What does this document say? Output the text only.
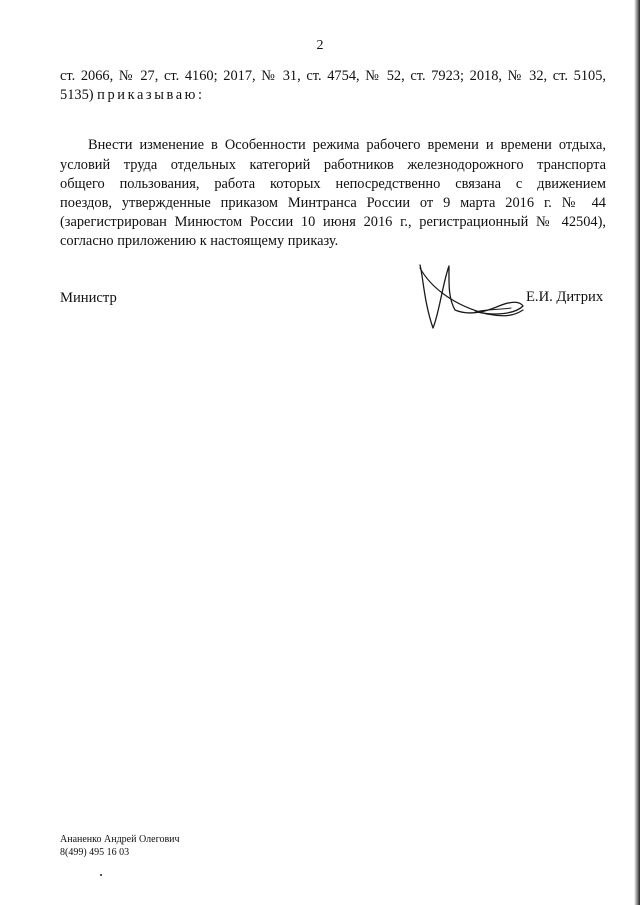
2
ст. 2066, № 27, ст. 4160; 2017, № 31, ст. 4754, № 52, ст. 7923; 2018, № 32, ст. 5105,
5135) приказываю:
Внести изменение в Особенности режима рабочего времени и времени отдыха,
условий труда отдельных категорий работников железнодорожного транспорта
общего пользования, работа которых непосредственно связана с движением
поездов, утвержденные приказом Минтранса России от 9 марта 2016 г. № 44
(зарегистрирован Минюстом России 10 июня 2016 г., регистрационный № 42504),
согласно приложению к настоящему приказу.
Министр	Е.И. Дитрих
Ананенко Андрей Олегович
8(499) 495 16 03
